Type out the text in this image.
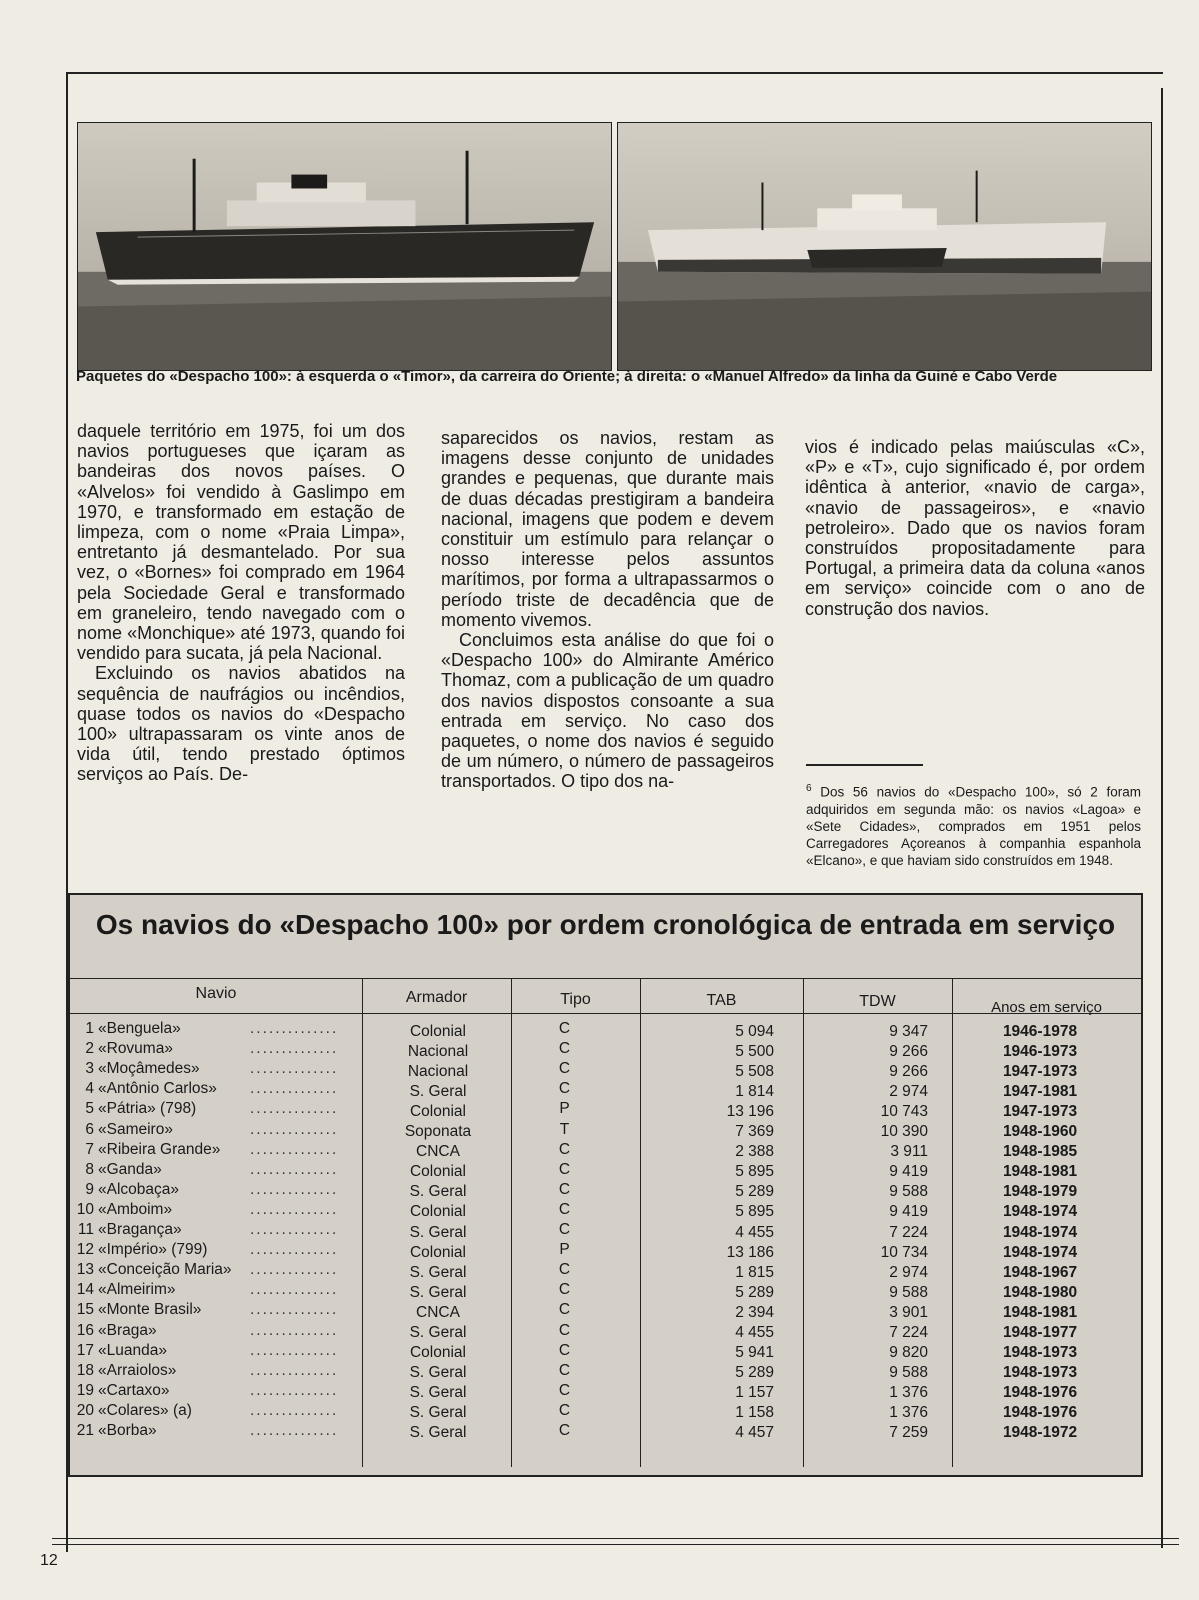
Paquetes do «Despacho 100»: à esquerda o «Timor», da carreira do Oriente; à direita: o «Manuel Alfredo» da linha da Guiné e Cabo Verde

daquele território em 1975, foi um dos navios portugueses que içaram as bandeiras dos novos países. O «Alvelos» foi vendido à Gaslimpo em 1970, e transformado em estação de limpeza, com o nome «Praia Limpa», entretanto já desmantelado. Por sua vez, o «Bornes» foi comprado em 1964 pela Sociedade Geral e transformado em graneleiro, tendo navegado com o nome «Monchique» até 1973, quando foi vendido para sucata, já pela Nacional.

Excluindo os navios abatidos na sequência de naufrágios ou incêndios, quase todos os navios do «Despacho 100» ultrapassaram os vinte anos de vida útil, tendo prestado óptimos serviços ao País. De-

saparecidos os navios, restam as imagens desse conjunto de unidades grandes e pequenas, que durante mais de duas décadas prestigiram a bandeira nacional, imagens que podem e devem constituir um estímulo para relançar o nosso interesse pelos assuntos marítimos, por forma a ultrapassarmos o período triste de decadência que de momento vivemos.

Concluimos esta análise do que foi o «Despacho 100» do Almirante Américo Thomaz, com a publicação de um quadro dos navios dispostos consoante a sua entrada em serviço. No caso dos paquetes, o nome dos navios é seguido de um número, o número de passageiros transportados. O tipo dos na-

vios é indicado pelas maiúsculas «C», «P» e «T», cujo significado é, por ordem idêntica à anterior, «navio de carga», «navio de passageiros», e «navio petroleiro». Dado que os navios foram construídos propositadamente para Portugal, a primeira data da coluna «anos em serviço» coincide com o ano de construção dos navios.

$^6$ Dos 56 navios do «Despacho 100», só 2 foram adquiridos em segunda mão: os navios «Lagoa» e «Sete Cidades», comprados em 1951 pelos Carregadores Açoreanos à companhia espanhola «Elcano», e que haviam sido construídos em 1948.
Os navios do «Despacho 100» por ordem cronológica de entrada em serviço
Navio	Armador	Tipo	TAB	TDW	Anos em serviço
1 «Benguela»	Colonial	C	5 094	9 347	1946-1978
..............
2 «Rovuma»	Nacional	C	5 500	9 266	1946-1973
..............
3 «Moçâmedes»	Nacional	C	5 508	9 266	1947-1973
..............
4 «Antônio Carlos»	S. Geral	C	1 814	2 974	1947-1981
..............
5 «Pátria» (798)	Colonial	P	13 196	10 743	1947-1973
..............
6 «Sameiro»	Soponata	T	7 369	10 390	1948-1960
..............
7 «Ribeira Grande»	CNCA	C	2 388	3 911	1948-1985
..............
8 «Ganda»	Colonial	C	5 895	9 419	1948-1981
..............
9 «Alcobaça»	S. Geral	C	5 289	9 588	1948-1979
..............
10 «Amboim»	Colonial	C	5 895	9 419	1948-1974
..............
11 «Bragança»	S. Geral	C	4 455	7 224	1948-1974
..............
12 «Império» (799)	Colonial	P	13 186	10 734	1948-1974
..............
13 «Conceição Maria»	S. Geral	C	1 815	2 974	1948-1967
..............
14 «Almeirim»	S. Geral	C	5 289	9 588	1948-1980
..............
15 «Monte Brasil»	CNCA	C	2 394	3 901	1948-1981
..............
16 «Braga»	S. Geral	C	4 455	7 224	1948-1977
..............
17 «Luanda»	Colonial	C	5 941	9 820	1948-1973
..............
18 «Arraiolos»	S. Geral	C	5 289	9 588	1948-1973
..............
19 «Cartaxo»	S. Geral	C	1 157	1 376	1948-1976
..............
20 «Colares» (a)	S. Geral	C	1 158	1 376	1948-1976
..............
21 «Borba»	S. Geral	C	4 457	7 259	1948-1972
..............
12
